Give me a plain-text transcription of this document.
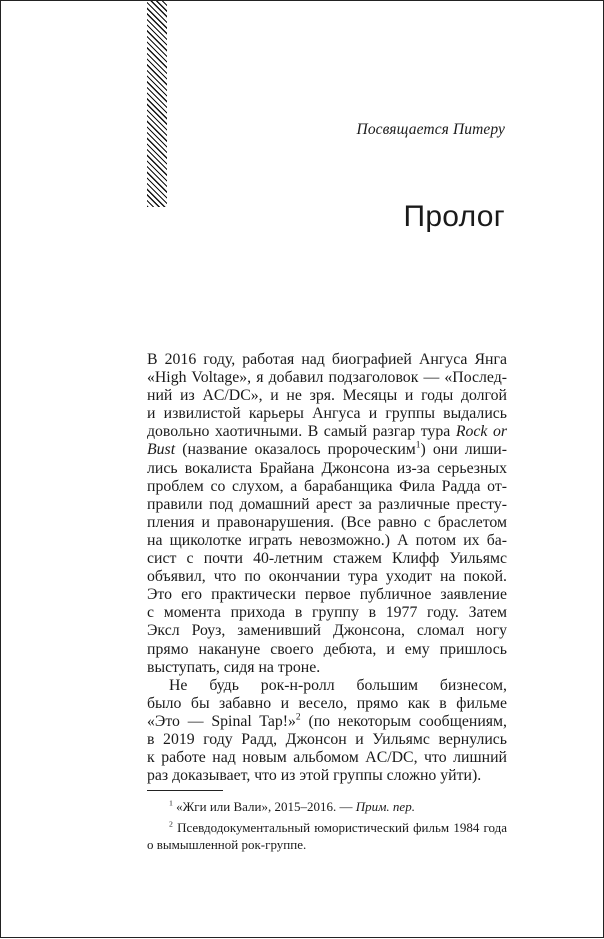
Посвящается Питеру
Пролог

В 2016 году, работая над биографией Ангуса Янга
«High Voltage», я добавил подзаголовок — «Послед-
ний из AC/DC», и не зря. Месяцы и годы долгой
и извилистой карьеры Ангуса и группы выдались
довольно хаотичными. В самый разгар тура Rock or
Bust (название оказалось пророческим$^1$) они лиши-
лись вокалиста Брайана Джонсона из-за серьезных
проблем со слухом, а барабанщика Фила Радда от-
правили под домашний арест за различные престу-
пления и правонарушения. (Все равно с браслетом
на щиколотке играть невозможно.) А потом их ба-
сист с почти 40-летним стажем Клифф Уильямс
объявил, что по окончании тура уходит на покой.
Это его практически первое публичное заявление
с момента прихода в группу в 1977 году. Затем
Эксл Роуз, заменивший Джонсона, сломал ногу
прямо накануне своего дебюта, и ему пришлось
выступать, сидя на троне.

Не будь рок-н-ролл большим бизнесом,
было бы забавно и весело, прямо как в фильме
«Это — Spinal Tap!»$^2$ (по некоторым сообщениям,
в 2019 году Радд, Джонсон и Уильямс вернулись
к работе над новым альбомом AC/DC, что лишний
раз доказывает, что из этой группы сложно уйти).

$^1$ «Жги или Вали», 2015–2016. — Прим. пер.

$^2$ Псевдодокументальный юмористический фильм 1984 года о вымышленной рок-группе.
